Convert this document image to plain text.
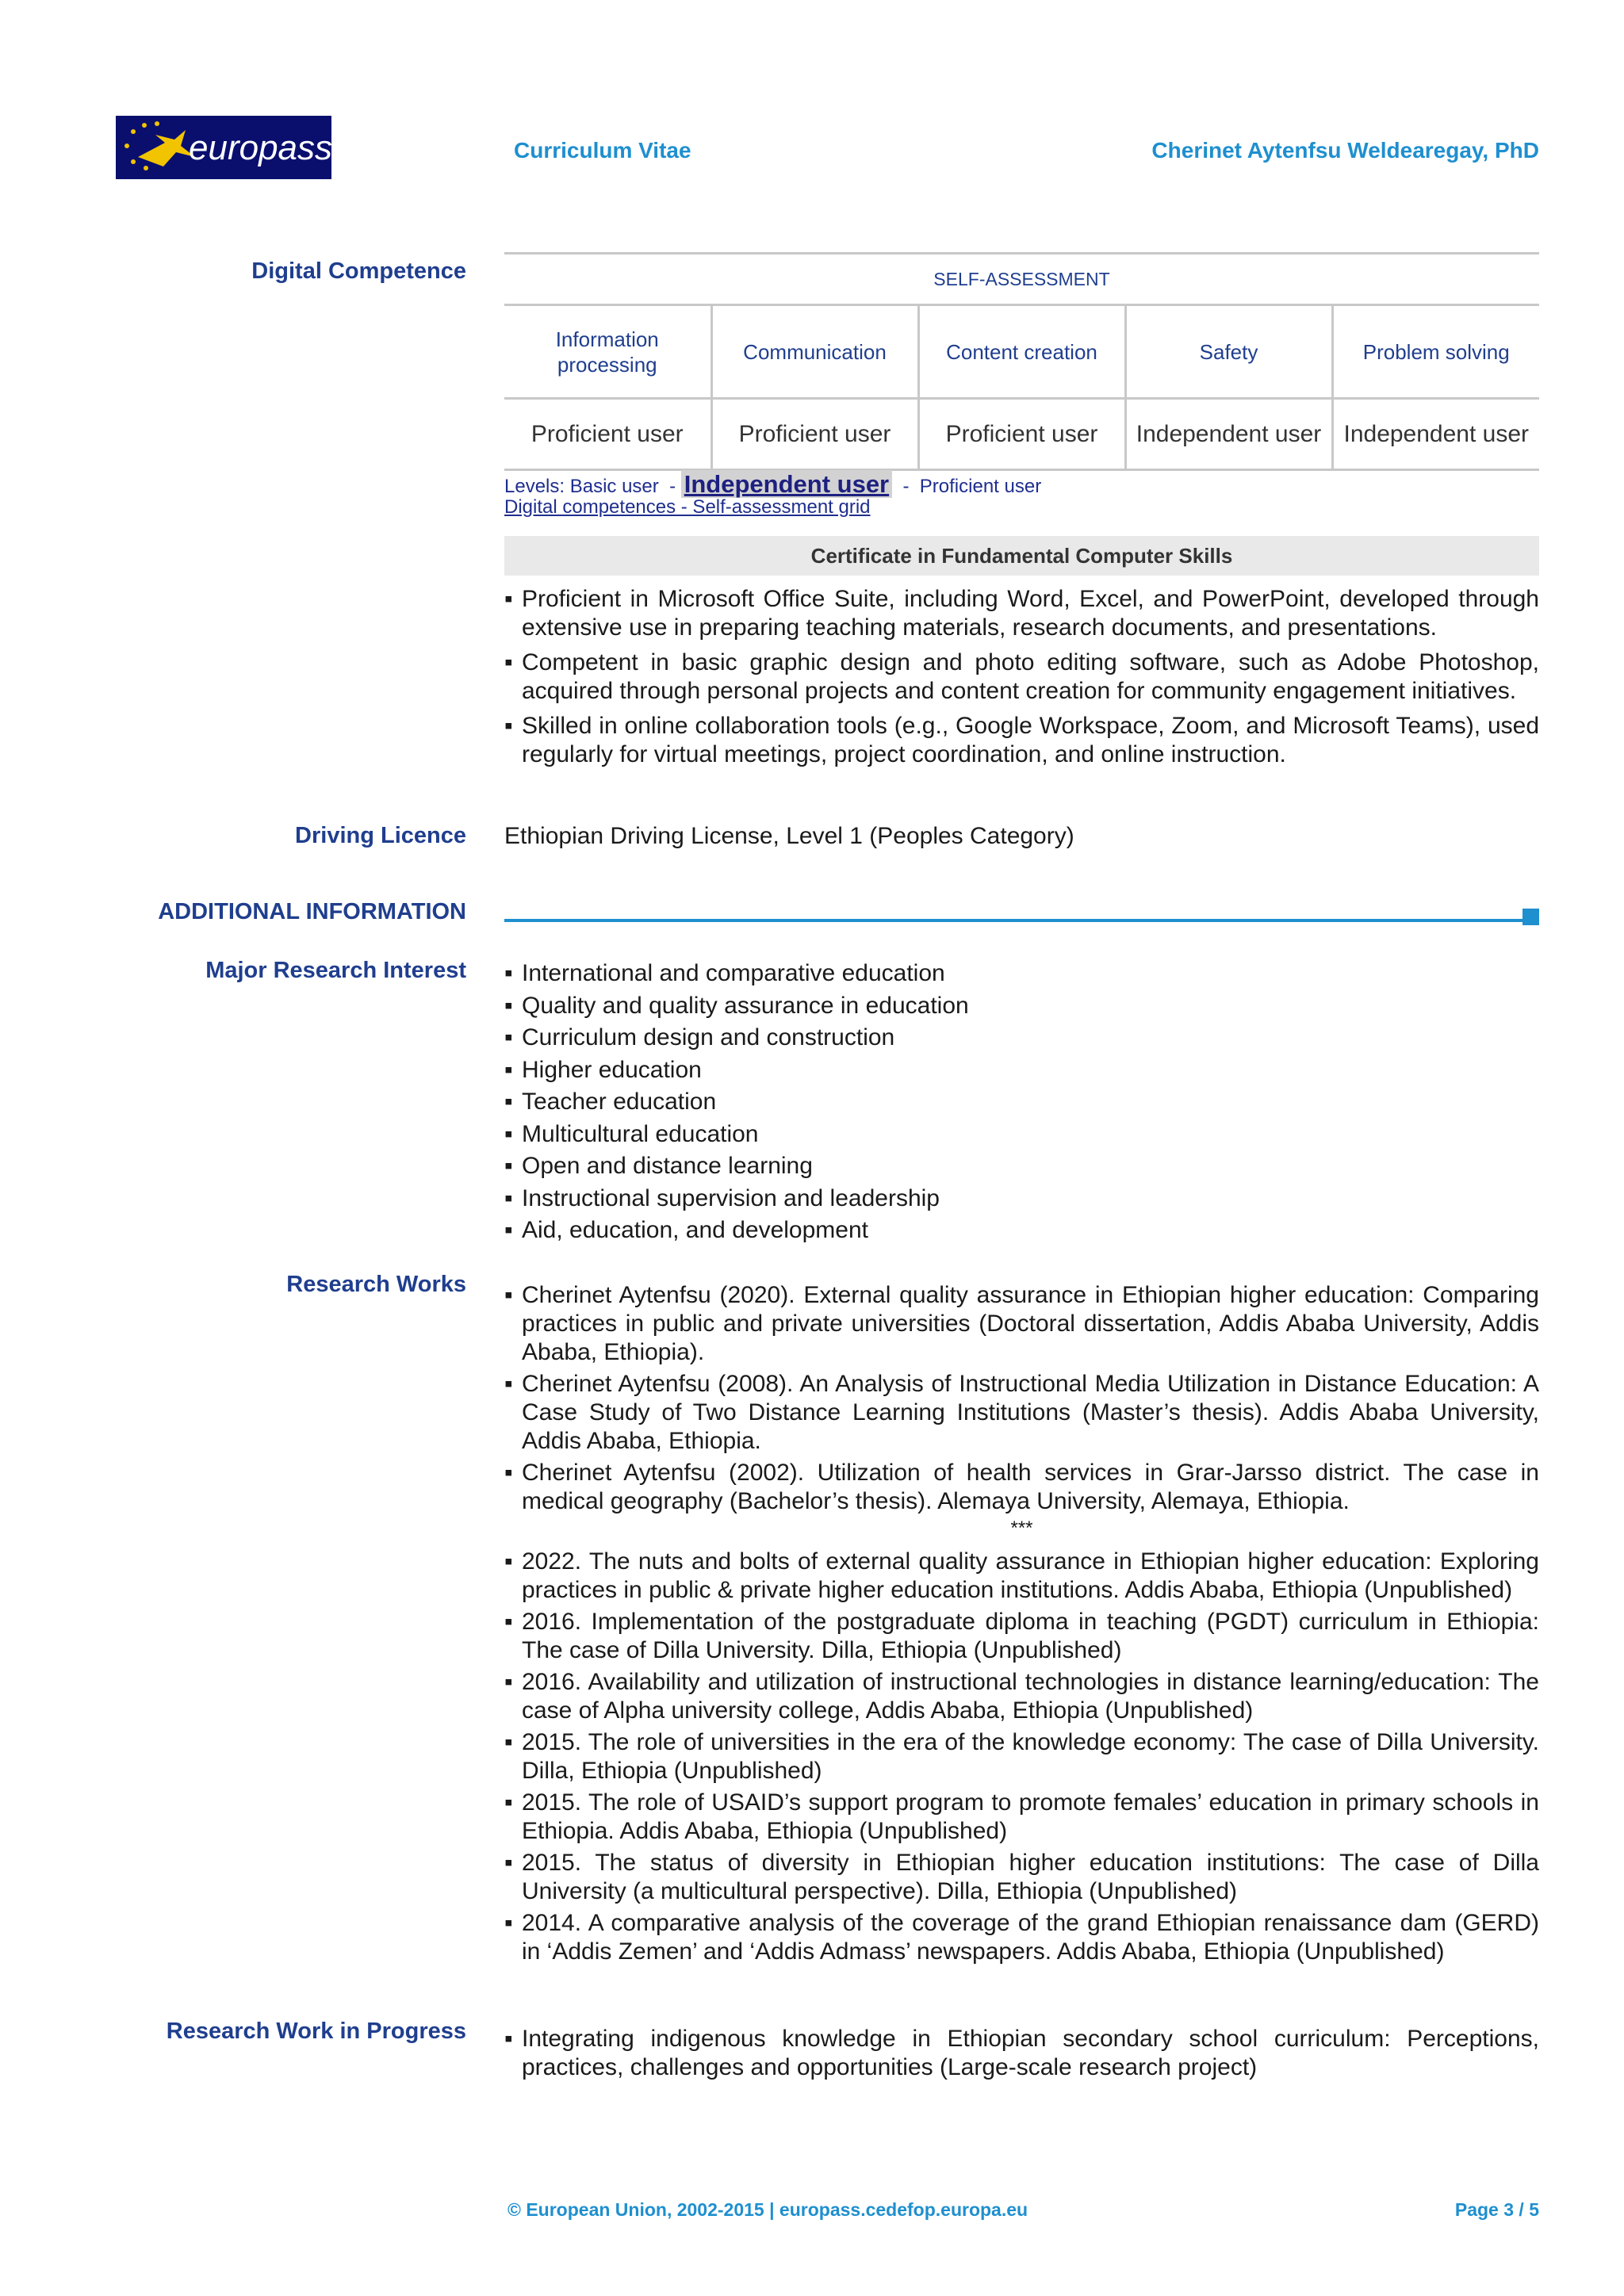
europass	Curriculum Vitae	Cherinet Aytenfsu Weldearegay, PhD
Digital Competence	SELF-ASSESSMENT				
Information processing	Communication	Content creation	Safety	Problem solving
Proficient user	Proficient user	Proficient user	Independent user	Independent user
Levels: Basic user  - Independent user  -  Proficient user
Digital competences - Self-assessment grid
Certificate in Fundamental Computer Skills
▪ Proficient in Microsoft Office Suite, including Word, Excel, and PowerPoint, developed through extensive use in preparing teaching materials, research documents, and presentations.
▪ Competent in basic graphic design and photo editing software, such as Adobe Photoshop, acquired through personal projects and content creation for community engagement initiatives.
▪ Skilled in online collaboration tools (e.g., Google Workspace, Zoom, and Microsoft Teams), used regularly for virtual meetings, project coordination, and online instruction.
Driving Licence Ethiopian Driving License, Level 1 (Peoples Category)
ADDITIONAL INFORMATION
Major Research Interest	▪ International and comparative education
▪ Quality and quality assurance in education
▪ Curriculum design and construction
▪ Higher education
▪ Teacher education
▪ Multicultural education
▪ Open and distance learning
▪ Instructional supervision and leadership
▪ Aid, education, and development
Research Works	▪ Cherinet Aytenfsu (2020). External quality assurance in Ethiopian higher education: Comparing practices in public and private universities (Doctoral dissertation, Addis Ababa University, Addis Ababa, Ethiopia).
▪ Cherinet Aytenfsu (2008). An Analysis of Instructional Media Utilization in Distance Education: A Case Study of Two Distance Learning Institutions (Master’s thesis). Addis Ababa University, Addis Ababa, Ethiopia.
▪ Cherinet Aytenfsu (2002). Utilization of health services in Grar-Jarsso district. The case in medical geography (Bachelor’s thesis). Alemaya University, Alemaya, Ethiopia.
***
▪ 2022. The nuts and bolts of external quality assurance in Ethiopian higher education: Exploring practices in public & private higher education institutions. Addis Ababa, Ethiopia (Unpublished)
▪ 2016. Implementation of the postgraduate diploma in teaching (PGDT) curriculum in Ethiopia: The case of Dilla University. Dilla, Ethiopia (Unpublished)
▪ 2016. Availability and utilization of instructional technologies in distance learning/education: The case of Alpha university college, Addis Ababa, Ethiopia (Unpublished)
▪ 2015. The role of universities in the era of the knowledge economy: The case of Dilla University. Dilla, Ethiopia (Unpublished)
▪ 2015. The role of USAID’s support program to promote females’ education in primary schools in Ethiopia. Addis Ababa, Ethiopia (Unpublished)
▪ 2015. The status of diversity in Ethiopian higher education institutions: The case of Dilla University (a multicultural perspective). Dilla, Ethiopia (Unpublished)
▪ 2014. A comparative analysis of the coverage of the grand Ethiopian renaissance dam (GERD) in ‘Addis Zemen’ and ‘Addis Admass’ newspapers. Addis Ababa, Ethiopia (Unpublished)
Research Work in Progress	▪ Integrating indigenous knowledge in Ethiopian secondary school curriculum: Perceptions, practices, challenges and opportunities (Large-scale research project)
© European Union, 2002-2015 | europass.cedefop.europa.eu	Page 3 / 5
